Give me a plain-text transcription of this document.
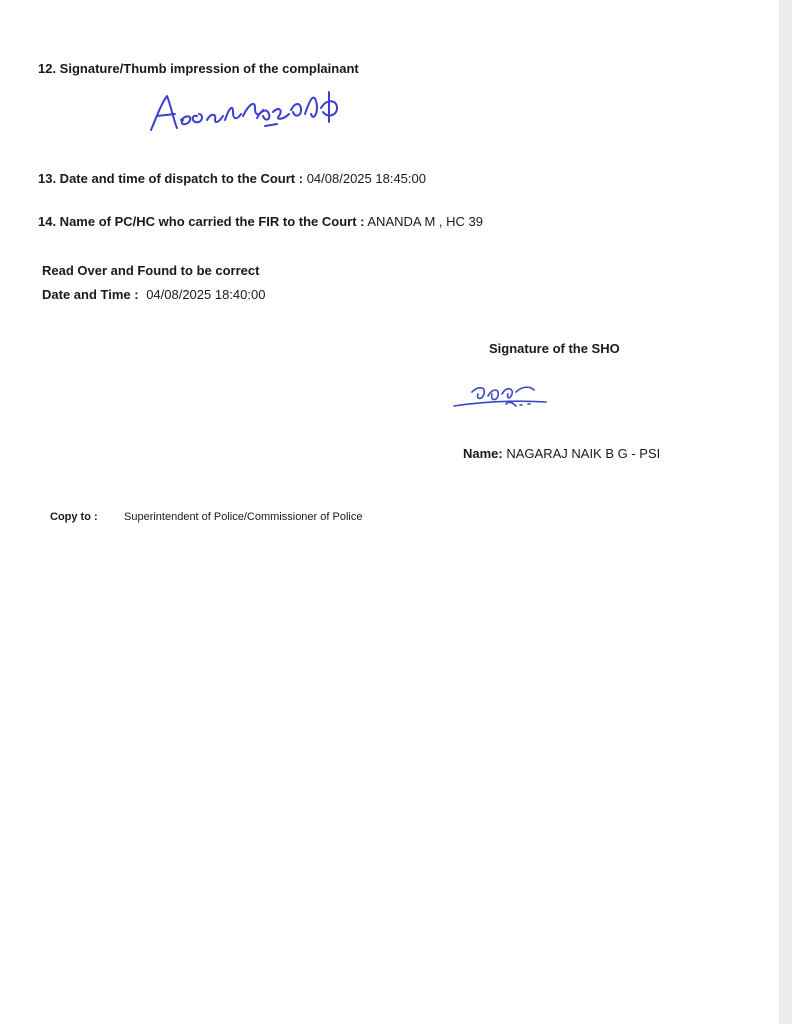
12. Signature/Thumb impression of the complainant
13. Date and time of dispatch to the Court : 04/08/2025 18:45:00
14. Name of PC/HC who carried the FIR to the Court : ANANDA M , HC 39
Read Over and Found to be correct
Date and Time : 04/08/2025 18:40:00
Signature of the SHO
Name: NAGARAJ NAIK B G - PSI
Copy to : Superintendent of Police/Commissioner of Police
